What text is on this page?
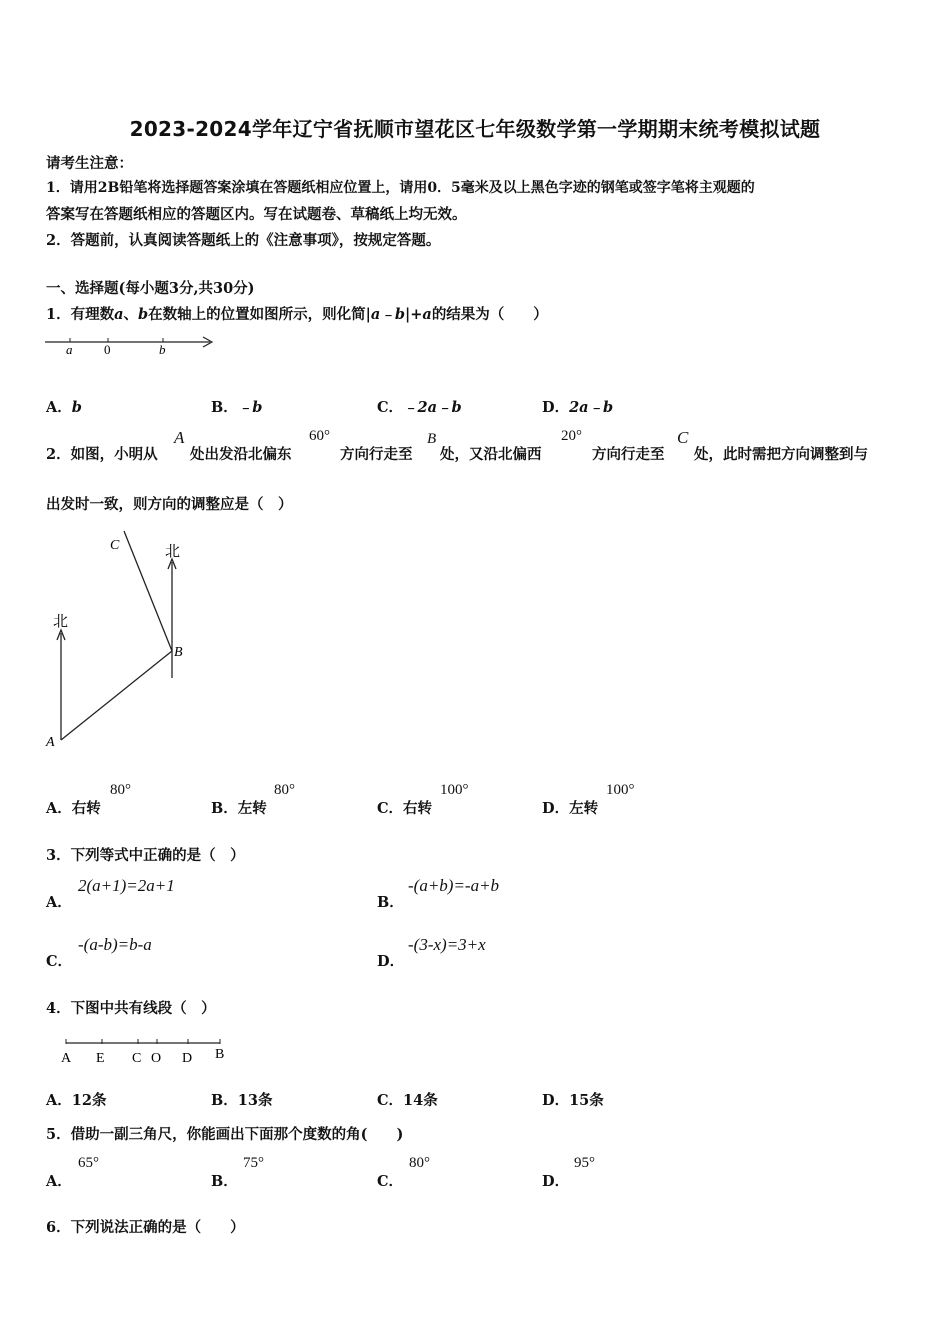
2023-2024学年辽宁省抚顺市望花区七年级数学第一学期期末统考模拟试题
请考生注意：
1．请用2B铅笔将选择题答案涂填在答题纸相应位置上，请用0．5毫米及以上黑色字迹的钢笔或签字笔将主观题的
答案写在答题纸相应的答题区内。写在试题卷、草稿纸上均无效。
2．答题前，认真阅读答题纸上的《注意事项》，按规定答题。
一、选择题(每小题3分,共30分)
1．有理数a、b在数轴上的位置如图所示，则化简|a﹣b|+a的结果为（　　）
a 0	b
A．b	B．﹣b	C．﹣2a﹣b	D．2a﹣b
2．如图，小明从
A
处出发沿北偏东
60°
方向行走至
B
处，又沿北偏西
20°
方向行走至
C
处，此时需把方向调整到与
出发时一致，则方向的调整应是（　）
北
北
A
B
C
A．右转
80°
B．左转
80°
C．右转
100°
D．左转
100°
3．下列等式中正确的是（　）
A．
2(a+1)=2a+1
B．
-(a+b)=-a+b
C．
-(a-b)=b-a
D．
-(3-x)=3+x
4．下图中共有线段（　）
A E C O D B
A．12条	B．13条	C．14条	D．15条
5．借助一副三角尺，你能画出下面那个度数的角(　　)
A．
65°
B．
75°
C．
80°
D．
95°
6．下列说法正确的是（　　）
